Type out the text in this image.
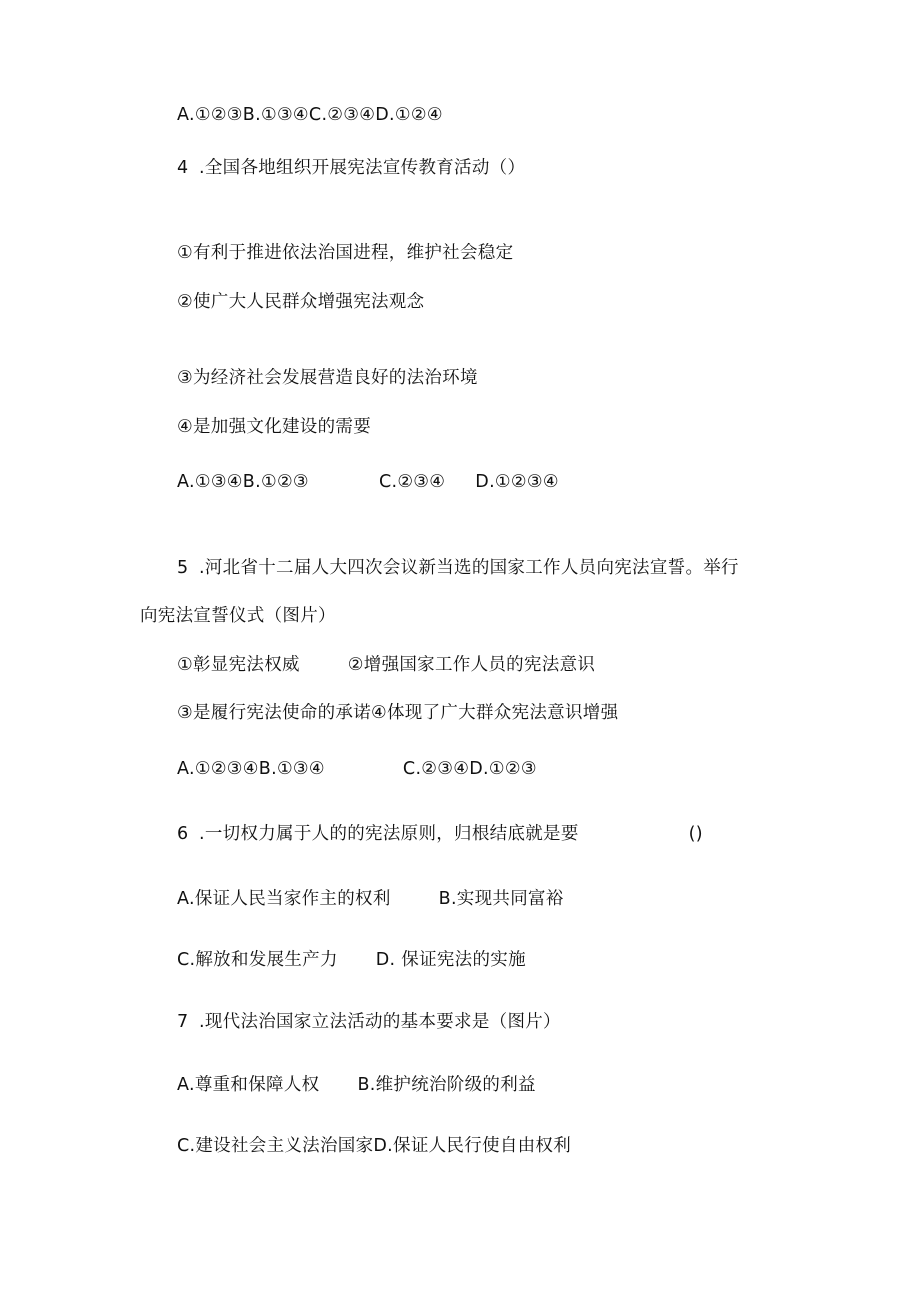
A.①②③B.①③④C.②③④D.①②④
4 .全国各地组织开展宪法宣传教育活动（）
①有利于推进依法治国进程，维护社会稳定
②使广大人民群众增强宪法观念
③为经济社会发展营造良好的法治环境
④是加强文化建设的需要
A.①③④B.①②③	C.②③④ D.①②③④
5 .河北省十二届人大四次会议新当选的国家工作人员向宪法宣誓。举行
向宪法宣誓仪式（图片）
①彰显宪法权威	②增强国家工作人员的宪法意识
③是履行宪法使命的承诺④体现了广大群众宪法意识增强
A.①②③④B.①③④	C.②③④D.①②③
6 .一切权力属于人的的宪法原则，归根结底就是要	()
A.保证人民当家作主的权利	B.实现共同富裕
C.解放和发展生产力 D. 保证宪法的实施
7 .现代法治国家立法活动的基本要求是（图片）
A.尊重和保障人权 B.维护统治阶级的利益
C.建设社会主义法治国家D.保证人民行使自由权利
